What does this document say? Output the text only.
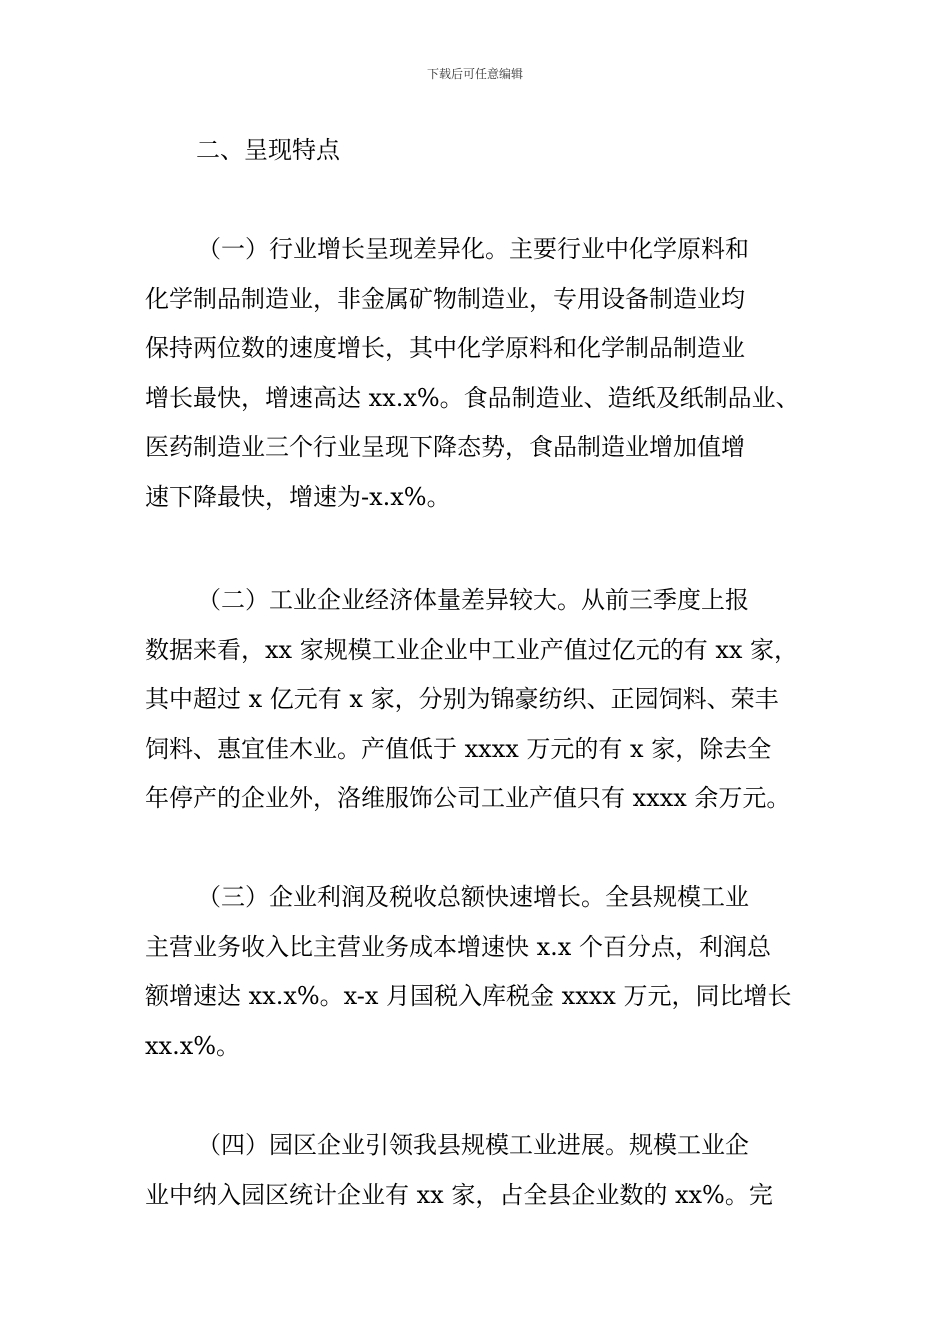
下载后可任意编辑
二、呈现特点
（一）行业增长呈现差异化。主要行业中化学原料和
化学制品制造业，非金属矿物制造业，专用设备制造业均
保持两位数的速度增长，其中化学原料和化学制品制造业
增长最快，增速高达 xx.x%。食品制造业、造纸及纸制品业、
医药制造业三个行业呈现下降态势，食品制造业增加值增
速下降最快，增速为-x.x%。
（二）工业企业经济体量差异较大。从前三季度上报
数据来看，xx 家规模工业企业中工业产值过亿元的有 xx 家，
其中超过 x 亿元有 x 家，分别为锦豪纺织、正园饲料、荣丰
饲料、惠宜佳木业。产值低于 xxxx 万元的有 x 家，除去全
年停产的企业外，洛维服饰公司工业产值只有 xxxx 余万元。
（三）企业利润及税收总额快速增长。全县规模工业
主营业务收入比主营业务成本增速快 x.x 个百分点，利润总
额增速达 xx.x%。x-x 月国税入库税金 xxxx 万元，同比增长
xx.x%。
（四）园区企业引领我县规模工业进展。规模工业企
业中纳入园区统计企业有 xx 家，占全县企业数的 xx%。完
